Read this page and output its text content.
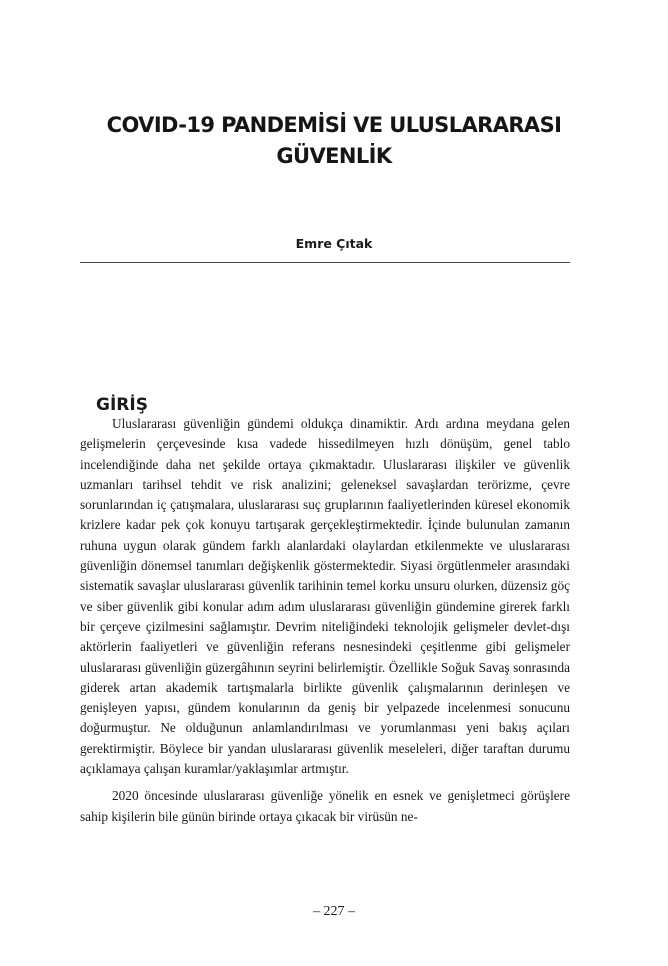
COVID-19 PANDEMİSİ VE ULUSLARARASI GÜVENLİK
Emre Çıtak
GİRİŞ

Uluslararası güvenliğin gündemi oldukça dinamiktir. Ardı ardına meydana gelen gelişmelerin çerçevesinde kısa vadede hissedilmeyen hızlı dönüşüm, genel tablo incelendiğinde daha net şekilde ortaya çıkmaktadır. Uluslararası ilişkiler ve güvenlik uzmanları tarihsel tehdit ve risk analizini; geleneksel savaşlardan terörizme, çevre sorunlarından iç çatışmalara, uluslararası suç gruplarının faaliyetlerinden küresel ekonomik krizlere kadar pek çok konuyu tartışarak gerçekleştirmektedir. İçinde bulunulan zamanın ruhuna uygun olarak gündem farklı alanlardaki olaylardan etkilenmekte ve uluslararası güvenliğin dönemsel tanımları değişkenlik göstermektedir. Siyasi örgütlenmeler arasındaki sistematik savaşlar uluslararası güvenlik tarihinin temel korku unsuru olurken, düzensiz göç ve siber güvenlik gibi konular adım adım uluslararası güvenliğin gündemine girerek farklı bir çerçeve çizilmesini sağlamıştır. Devrim niteliğindeki teknolojik gelişmeler devlet-dışı aktörlerin faaliyetleri ve güvenliğin referans nesnesindeki çeşitlenme gibi gelişmeler uluslararası güvenliğin güzergâhının seyrini belirlemiştir. Özellikle Soğuk Savaş sonrasında giderek artan akademik tartışmalarla birlikte güvenlik çalışmalarının derinleşen ve genişleyen yapısı, gündem konularının da geniş bir yelpazede incelenmesi sonucunu doğurmuştur. Ne olduğunun anlamlandırılması ve yorumlanması yeni bakış açıları gerektirmiştir. Böylece bir yandan uluslararası güvenlik meseleleri, diğer taraftan durumu açıklamaya çalışan kuramlar/yaklaşımlar artmıştır.

2020 öncesinde uluslararası güvenliğe yönelik en esnek ve genişletmeci görüşlere sahip kişilerin bile günün birinde ortaya çıkacak bir virüsün ne-

– 227 –
